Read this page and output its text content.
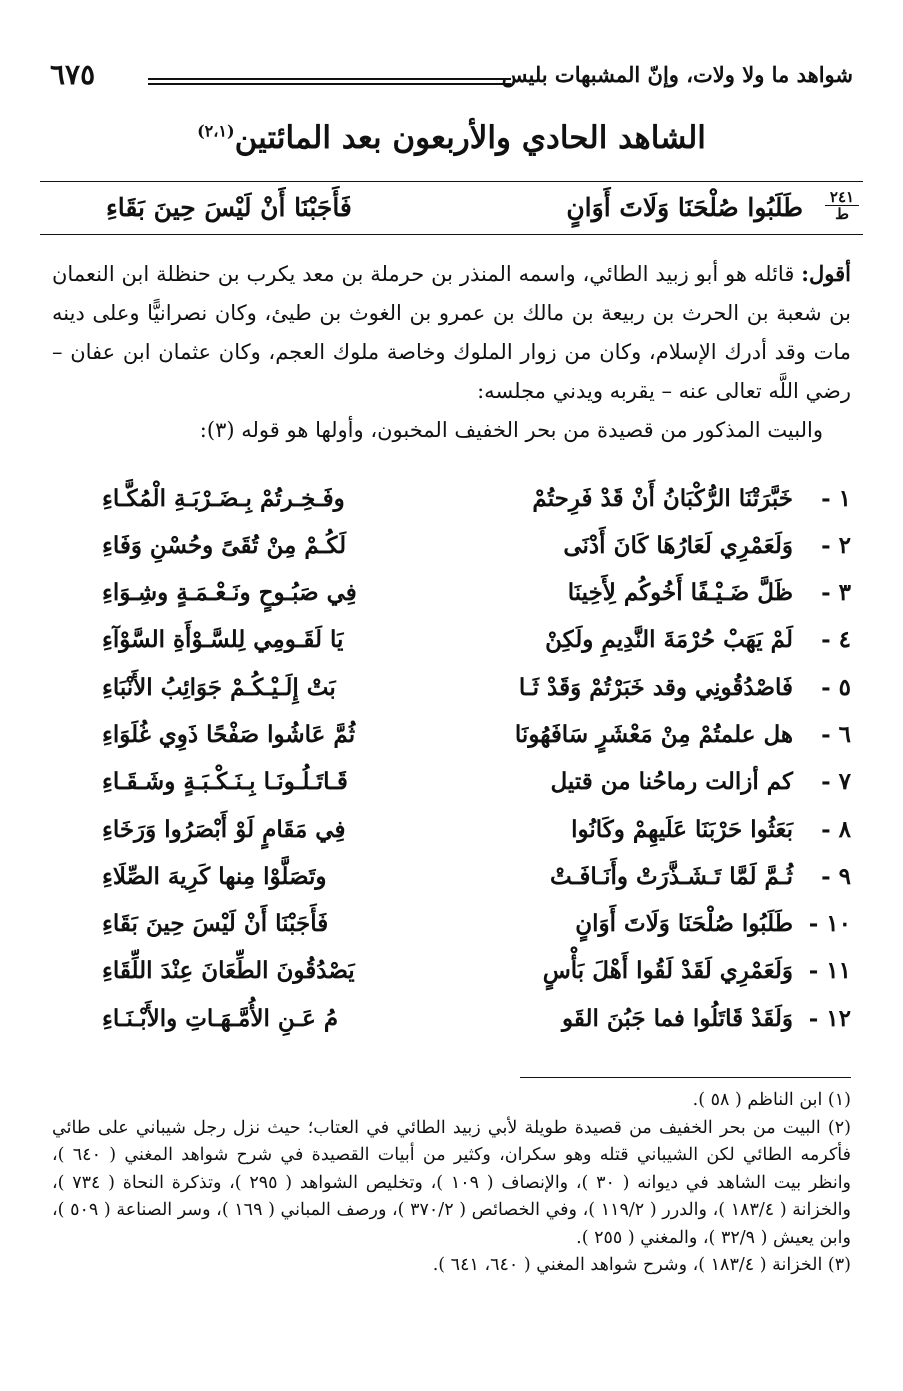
شواهد ما ولا ولات، وإنّ المشبهات بليس
٦٧٥
الشاهد الحادي والأربعون بعد المائتين$^{(٢،١)}$
٢٤١
ط
طَلَبُوا صُلْحَنَا وَلَاتَ أَوَانٍ
فَأَجَبْنَا أَنْ لَيْسَ حِينَ بَقَاءِ

أقول: قائله هو أبو زبيد الطائي، واسمه المنذر بن حرملة بن معد يكرب بن حنظلة ابن النعمان بن شعبة بن الحرث بن ربيعة بن مالك بن عمرو بن الغوث بن طيئ، وكان نصرانيًّا وعلى دينه مات وقد أدرك الإسلام، وكان من زوار الملوك وخاصة ملوك العجم، وكان عثمان ابن عفان – رضي اللَّه تعالى عنه – يقربه ويدني مجلسه:

والبيت المذكور من قصيدة من بحر الخفيف المخبون، وأولها هو قوله (٣):

١ -
خَبَّرَتْنَا الرُّكْبَانُ أَنْ قَدْ فَرِحتُمْ
وفَـخِـرتُمْ بِـضَـرْبَـةِ الْمُكَّـاءِ
٢ -
وَلَعَمْرِي لَعَارُهَا كَانَ أَدْنَى
لَكُـمْ مِنْ تُقَىً وحُسْنِ وَفَاءِ
٣ -
ظَلَّ ضَـيْـفًا أَخُوكُم لِأَخِينَا
فِي صَبُـوحٍ ونَـعْـمَـةٍ وشِـوَاءِ
٤ -
لَمْ يَهَبْ حُرْمَةَ النَّدِيمِ ولَكِنْ
يَا لَقَـومِي لِلسَّـوْأَةِ السَّوْآءِ
٥ -
فَاصْدُقُونِي وقد خَبَرْتُمْ وَقَدْ ثَـا
بَتْ إِلَـيْـكُـمْ جَوَائِبُ الأَنْبَاءِ
٦ -
هل علمتُمْ مِنْ مَعْشَرٍ سَافَهُونَا
ثُمَّ عَاشُوا صَفْحًا ذَوِي غُلَوَاءِ
٧ -
كم أزالت رماحُنا من قتيل
قَـاتَـلُـونَـا بِـنَـكْـبَـةٍ وشَـقَـاءِ
٨ -
بَعَثُوا حَرْبَنَا عَلَيهِمْ وكَانُوا
فِي مَقَامٍ لَوْ أَبْصَرُوا وَرَخَاءِ
٩ -
ثُـمَّ لَمَّا تَـشَـذَّرَتْ وأَنَـافَـتْ
وتَصَلَّوْا مِنها كَرِيهَ الصِّلَاءِ
١٠ -
طَلَبُوا صُلْحَنَا وَلَاتَ أَوَانٍ
فَأَجَبْنَا أَنْ لَيْسَ حِينَ بَقَاءِ
١١ -
وَلَعَمْرِي لَقَدْ لَقُوا أَهْلَ بَأْسٍ
يَصْدُقُونَ الطِّعَانَ عِنْدَ اللِّقَاءِ
١٢ -
وَلَقَدْ قَاتَلُوا فما جَبُنَ القَو
مُ عَـنِ الأُمَّـهَـاتِ والأَبْـنَـاءِ

(١) ابن الناظم ( ٥٨ ).

(٢) البيت من بحر الخفيف من قصيدة طويلة لأبي زبيد الطائي في العتاب؛ حيث نزل رجل شيباني على طائي فأكرمه الطائي لكن الشيباني قتله وهو سكران، وكثير من أبيات القصيدة في شرح شواهد المغني ( ٦٤٠ )، وانظر بيت الشاهد في ديوانه ( ٣٠ )، والإنصاف ( ١٠٩ )، وتخليص الشواهد ( ٢٩٥ )، وتذكرة النحاة ( ٧٣٤ )، والخزانة ( ١٨٣/٤ )، والدرر ( ١١٩/٢ )، وفي الخصائص ( ٣٧٠/٢ )، ورصف المباني ( ١٦٩ )، وسر الصناعة ( ٥٠٩ )، وابن يعيش ( ٣٢/٩ )، والمغني ( ٢٥٥ ).

(٣) الخزانة ( ١٨٣/٤ )، وشرح شواهد المغني ( ٦٤٠، ٦٤١ ).
